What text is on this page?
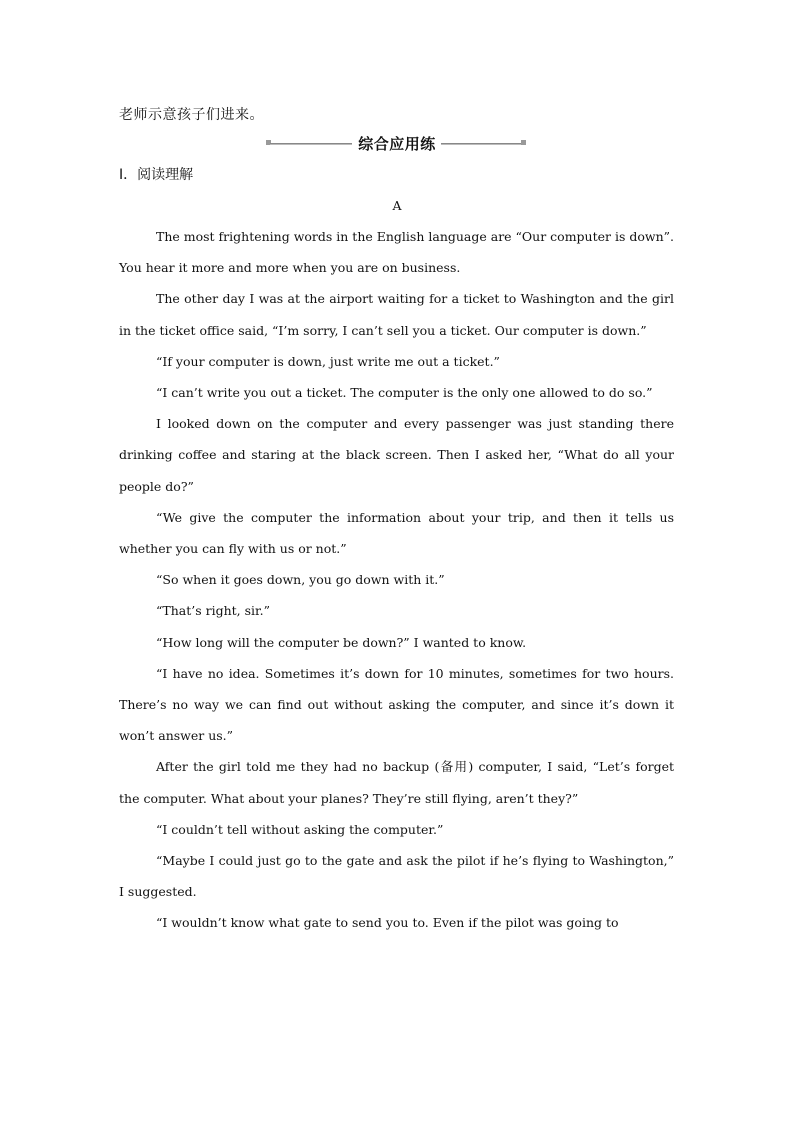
老师示意孩子们进来。
综合应用练
Ⅰ．阅读理解
A

The most frightening words in the English language are “Our computer is down”. You hear it more and more when you are on business.

The other day I was at the airport waiting for a ticket to Washington and the girl in the ticket office said, “I’m sorry, I can’t sell you a ticket. Our computer is down.”

“If your computer is down, just write me out a ticket.”

“I can’t write you out a ticket. The computer is the only one allowed to do so.”

I looked down on the computer and every passenger was just standing there drinking coffee and staring at the black screen. Then I asked her, “What do all your people do?”

“We give the computer the information about your trip, and then it tells us whether you can fly with us or not.”

“So when it goes down, you go down with it.”

“That’s right, sir.”

“How long will the computer be down?” I wanted to know.

“I have no idea. Sometimes it’s down for 10 minutes, sometimes for two hours. There’s no way we can find out without asking the computer, and since it’s down it won’t answer us.”

After the girl told me they had no backup (备用) computer, I said, “Let’s forget the computer. What about your planes? They’re still flying, aren’t they?”

“I couldn’t tell without asking the computer.”

“Maybe I could just go to the gate and ask the pilot if he’s flying to Washington,” I suggested.

“I wouldn’t know what gate to send you to. Even if the pilot was going to
